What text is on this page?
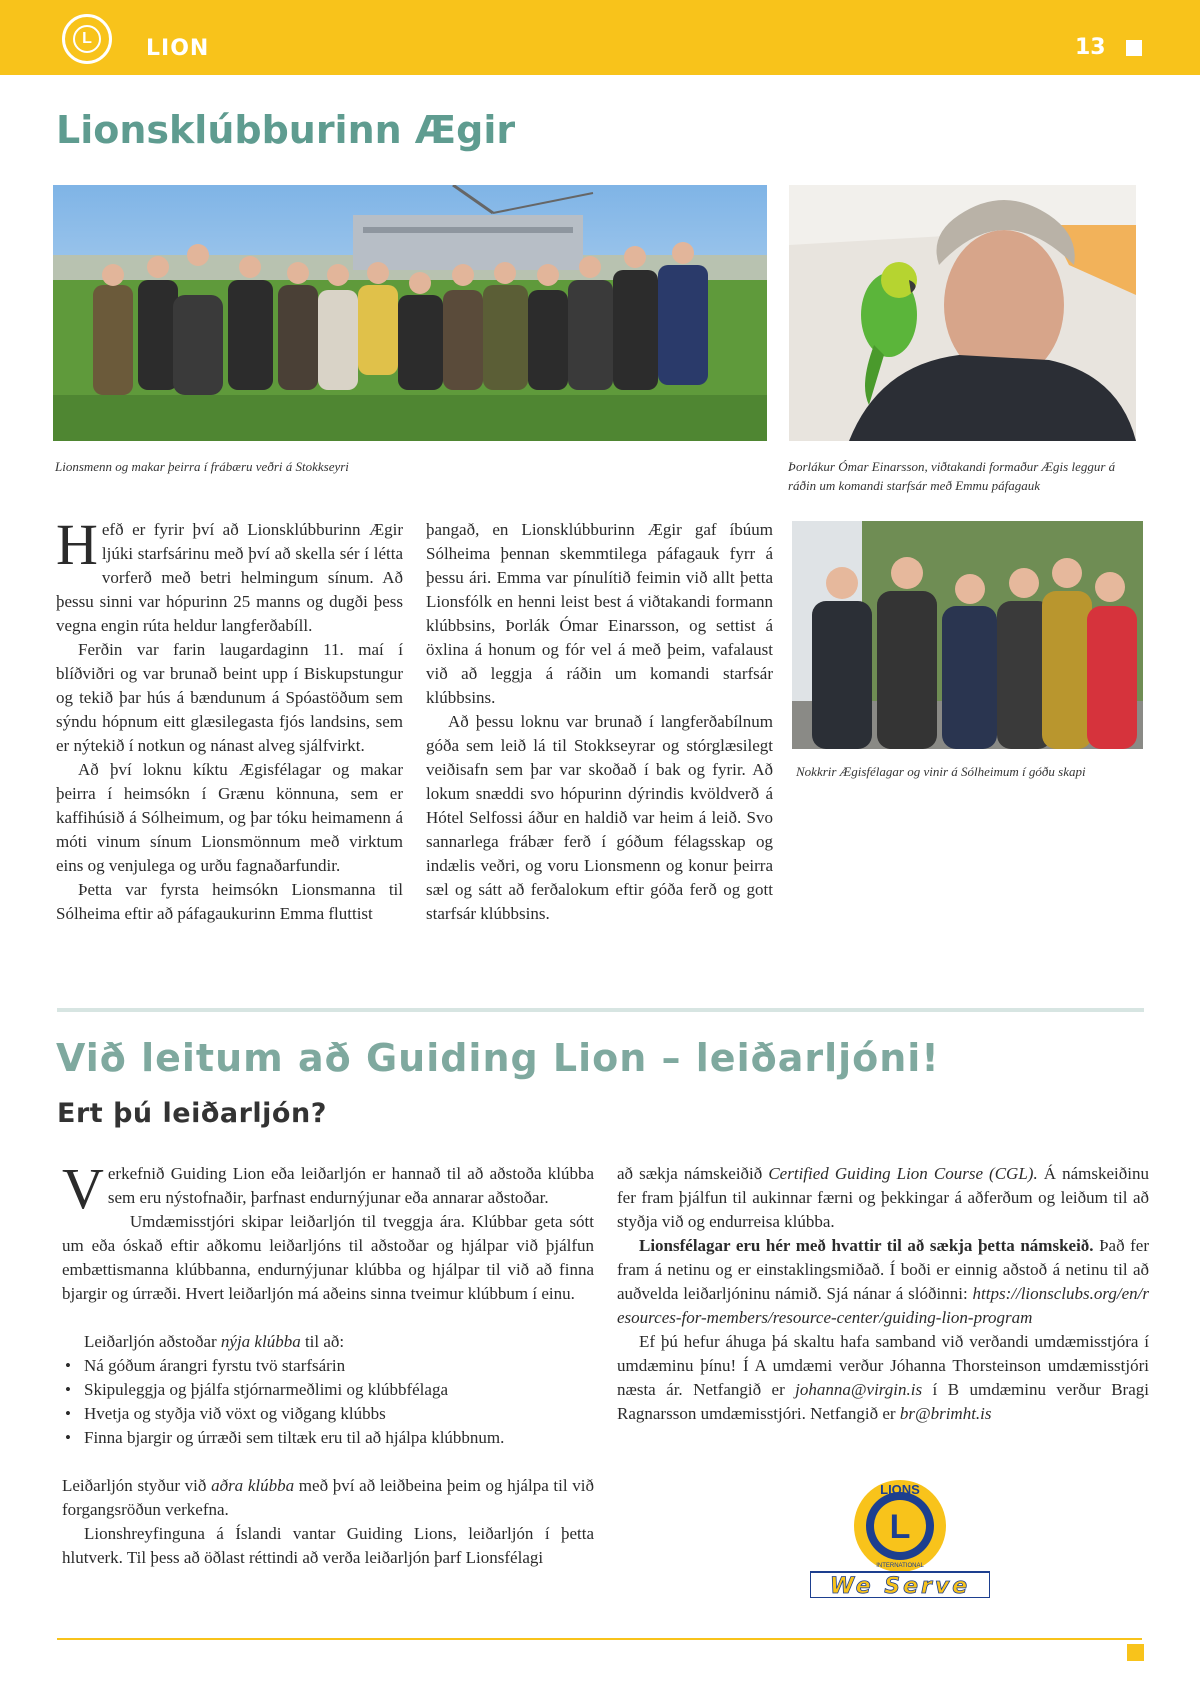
L	LION	13
Lionsklúbburinn Ægir
Lionsmenn og makar þeirra í frábæru veðri á Stokkseyri	Þorlákur Ómar Einarsson, viðtakandi formaður Ægis leggur á
ráðin um komandi starfsár með Emmu páfagauk

Hefð er fyrir því að Lionsklúbburinn Ægir ljúki starfsárinu með því að skella sér í létta vorferð með betri helmingum sínum. Að þessu sinni var hópurinn 25 manns og dugði þess vegna engin rúta heldur langferðabíll.

Ferðin var farin laugardaginn 11. maí í blíðviðri og var brunað beint upp í Biskupstungur og tekið þar hús á bændunum á Spóastöðum sem sýndu hópnum eitt glæsilegasta fjós landsins, sem er nýtekið í notkun og nánast alveg sjálfvirkt.

Að því loknu kíktu Ægisfélagar og makar þeirra í heimsókn í Grænu könnuna, sem er kaffihúsið á Sólheimum, og þar tóku heimamenn á móti vinum sínum Lionsmönnum með virktum eins og venjulega og urðu fagnaðarfundir.

Þetta var fyrsta heimsókn Lionsmanna til Sólheima eftir að páfagaukurinn Emma fluttist

þangað, en Lionsklúbburinn Ægir gaf íbúum Sólheima þennan skemmtilega páfagauk fyrr á þessu ári. Emma var pínulítið feimin við allt þetta Lionsfólk en henni leist best á viðtakandi formann klúbbsins, Þorlák Ómar Einarsson, og settist á öxlina á honum og fór vel á með þeim, vafalaust við að leggja á ráðin um komandi starfsár klúbbsins.

Að þessu loknu var brunað í langferðabílnum góða sem leið lá til Stokkseyrar og stórglæsilegt veiðisafn sem þar var skoðað í bak og fyrir. Að lokum snæddi svo hópurinn dýrindis kvöldverð á Hótel Selfossi áður en haldið var heim á leið. Svo sannarlega frábær ferð í góðum félagsskap og indælis veðri, og voru Lionsmenn og konur þeirra sæl og sátt að ferðalokum eftir góða ferð og gott starfsár klúbbsins.

Nokkrir Ægisfélagar og vinir á Sólheimum í góðu skapi
Við leitum að Guiding Lion – leiðarljóni!
Ert þú leiðarljón?

Verkefnið Guiding Lion eða leiðarljón er hannað til að aðstoða klúbba sem eru nýstofnaðir, þarfnast endurnýjunar eða annarar aðstoðar.

Umdæmisstjóri skipar leiðarljón til tveggja ára. Klúbbar geta sótt um eða óskað eftir aðkomu leiðarljóns til aðstoðar og hjálpar við þjálfun embættismanna klúbbanna, endurnýjunar klúbba og hjálpar til við að finna bjargir og úrræði. Hvert leiðarljón má aðeins sinna tveimur klúbbum í einu.

Leiðarljón aðstoðar nýja klúbba til að:

• Ná góðum árangri fyrstu tvö starfsárin
• Skipuleggja og þjálfa stjórnarmeðlimi og klúbbfélaga
• Hvetja og styðja við vöxt og viðgang klúbbs
• Finna bjargir og úrræði sem tiltæk eru til að hjálpa klúbbnum.

Leiðarljón styður við aðra klúbba með því að leiðbeina þeim og hjálpa til við forgangsröðun verkefna.

Lionshreyfinguna á Íslandi vantar Guiding Lions, leiðarljón í þetta hlutverk. Til þess að öðlast réttindi að verða leiðarljón þarf Lionsfélagi

að sækja námskeiðið Certified Guiding Lion Course (CGL). Á námskeiðinu fer fram þjálfun til aukinnar færni og þekkingar á aðferðum og leiðum til að styðja við og endurreisa klúbba.

Lionsfélagar eru hér með hvattir til að sækja þetta námskeið. Það fer fram á netinu og er einstaklingsmiðað. Í boði er einnig aðstoð á netinu til að auðvelda leiðarljóninu námið. Sjá nánar á slóðinni: https://lionsclubs.org/en/resources-for-members/resource-center/guiding-lion-program

Ef þú hefur áhuga þá skaltu hafa samband við verðandi umdæmisstjóra í umdæminu þínu! Í A umdæmi verður Jóhanna Thorsteinson umdæmisstjóri næsta ár. Netfangið er johanna@virgin.is í B umdæminu verður Bragi Ragnarsson umdæmisstjóri. Netfangið er br@brimht.is

L
LIONS
INTERNATIONAL
We Serve
